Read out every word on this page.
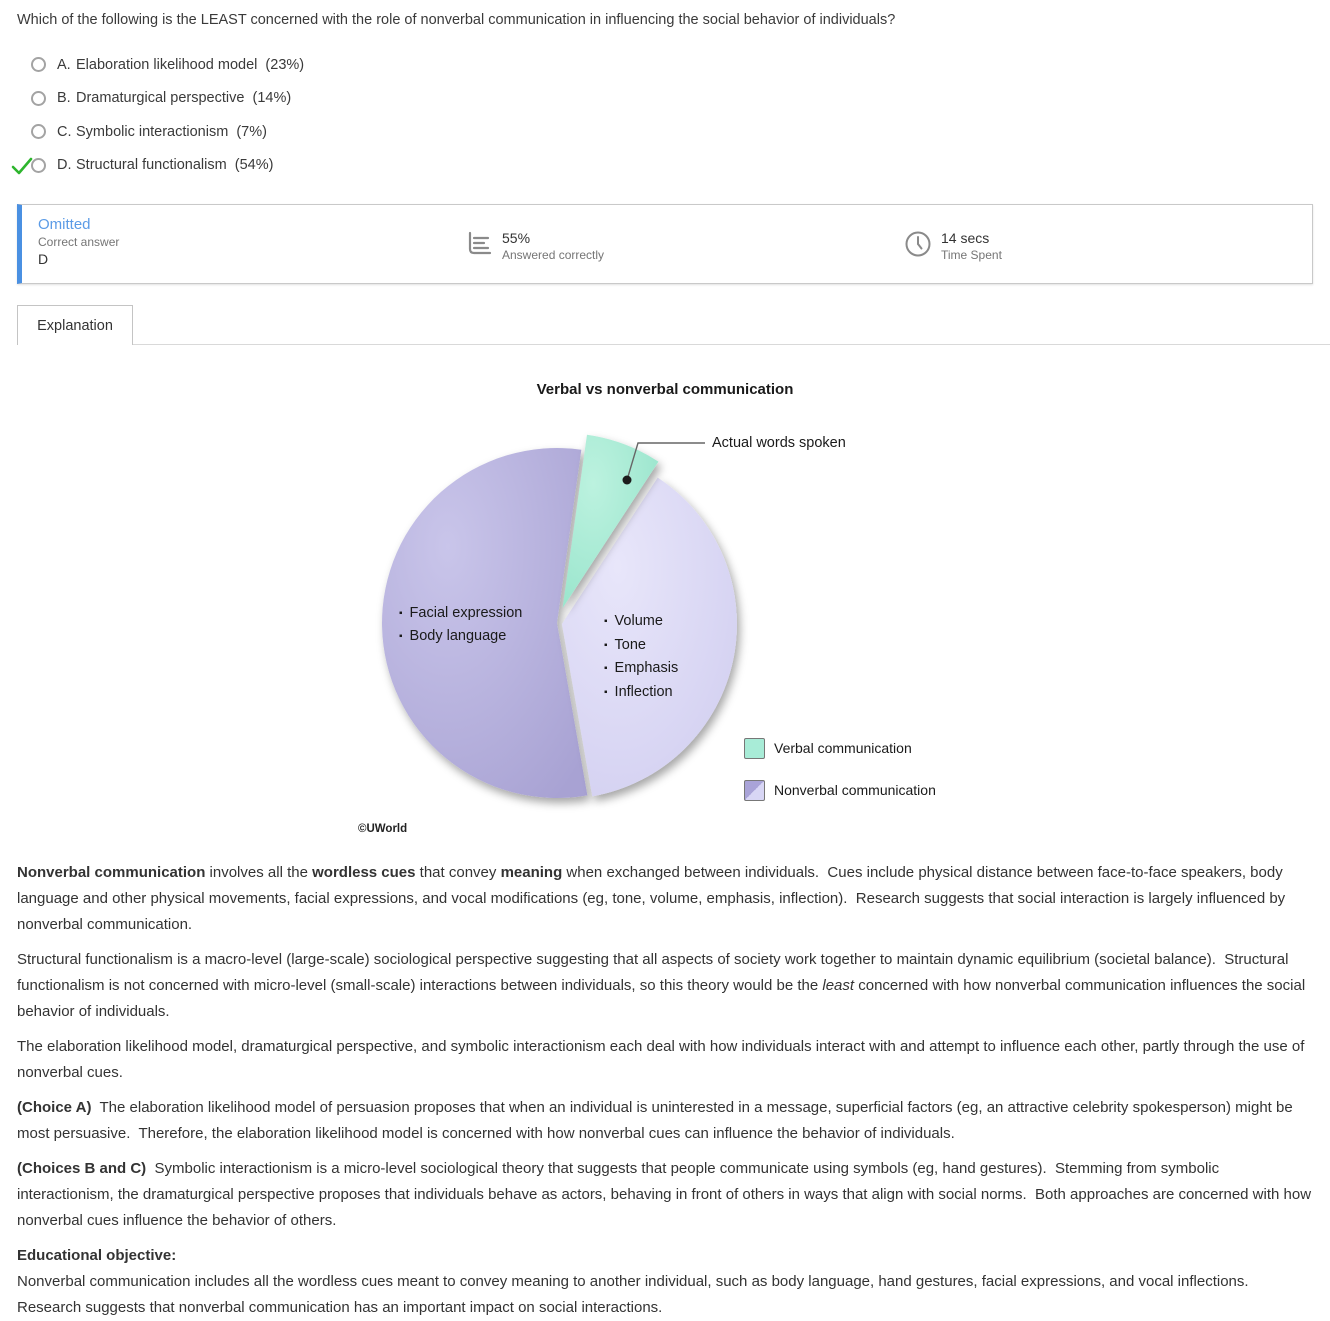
Which of the following is the LEAST concerned with the role of nonverbal communication in influencing the social behavior of individuals?
A. Elaboration likelihood model  (23%)
B. Dramaturgical perspective  (14%)
C. Symbolic interactionism  (7%)
D. Structural functionalism  (54%)
Omitted
Correct answer
D
55%
Answered correctly
14 secs
Time Spent
Explanation
Verbal vs nonverbal communication
▪ Facial expression
▪ Body language
▪ Volume
▪ Tone
▪ Emphasis
▪ Inflection
Actual words spoken
Verbal communication
Nonverbal communication
©UWorld

Nonverbal communication involves all the wordless cues that convey meaning when exchanged between individuals.  Cues include physical distance between face-to-face speakers, body language and other physical movements, facial expressions, and vocal modifications (eg, tone, volume, emphasis, inflection).  Research suggests that social interaction is largely influenced by nonverbal communication.

Structural functionalism is a macro-level (large-scale) sociological perspective suggesting that all aspects of society work together to maintain dynamic equilibrium (societal balance).  Structural functionalism is not concerned with micro-level (small-scale) interactions between individuals, so this theory would be the least concerned with how nonverbal communication influences the social behavior of individuals.

The elaboration likelihood model, dramaturgical perspective, and symbolic interactionism each deal with how individuals interact with and attempt to influence each other, partly through the use of nonverbal cues.

(Choice A)  The elaboration likelihood model of persuasion proposes that when an individual is uninterested in a message, superficial factors (eg, an attractive celebrity spokesperson) might be most persuasive.  Therefore, the elaboration likelihood model is concerned with how nonverbal cues can influence the behavior of individuals.

(Choices B and C)  Symbolic interactionism is a micro-level sociological theory that suggests that people communicate using symbols (eg, hand gestures).  Stemming from symbolic interactionism, the dramaturgical perspective proposes that individuals behave as actors, behaving in front of others in ways that align with social norms.  Both approaches are concerned with how nonverbal cues influence the behavior of others.

Educational objective:
Nonverbal communication includes all the wordless cues meant to convey meaning to another individual, such as body language, hand gestures, facial expressions, and vocal inflections.  Research suggests that nonverbal communication has an important impact on social interactions.
